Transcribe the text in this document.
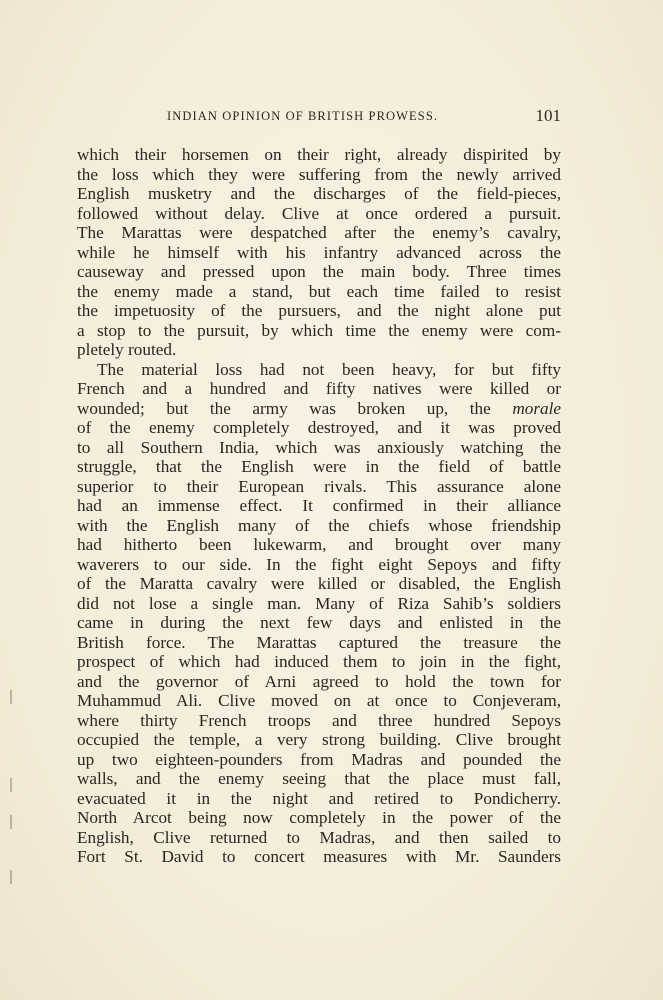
INDIAN OPINION OF BRITISH PROWESS.	101
which their horsemen on their right, already dispirited by
the loss which they were suffering from the newly arrived
English musketry and the discharges of the field-pieces,
followed without delay. Clive at once ordered a pursuit.
The Marattas were despatched after the enemy’s cavalry,
while he himself with his infantry advanced across the
causeway and pressed upon the main body. Three times
the enemy made a stand, but each time failed to resist
the impetuosity of the pursuers, and the night alone put
a stop to the pursuit, by which time the enemy were com-
pletely routed.
The material loss had not been heavy, for but fifty
French and a hundred and fifty natives were killed or
wounded; but the army was broken up, the morale
of the enemy completely destroyed, and it was proved
to all Southern India, which was anxiously watching the
struggle, that the English were in the field of battle
superior to their European rivals. This assurance alone
had an immense effect. It confirmed in their alliance
with the English many of the chiefs whose friendship
had hitherto been lukewarm, and brought over many
waverers to our side. In the fight eight Sepoys and fifty
of the Maratta cavalry were killed or disabled, the English
did not lose a single man. Many of Riza Sahib’s soldiers
came in during the next few days and enlisted in the
British force. The Marattas captured the treasure the
prospect of which had induced them to join in the fight,
and the governor of Arni agreed to hold the town for
Muhammud Ali. Clive moved on at once to Conjeveram,
where thirty French troops and three hundred Sepoys
occupied the temple, a very strong building. Clive brought
up two eighteen-pounders from Madras and pounded the
walls, and the enemy seeing that the place must fall,
evacuated it in the night and retired to Pondicherry.
North Arcot being now completely in the power of the
English, Clive returned to Madras, and then sailed to
Fort St. David to concert measures with Mr. Saunders
